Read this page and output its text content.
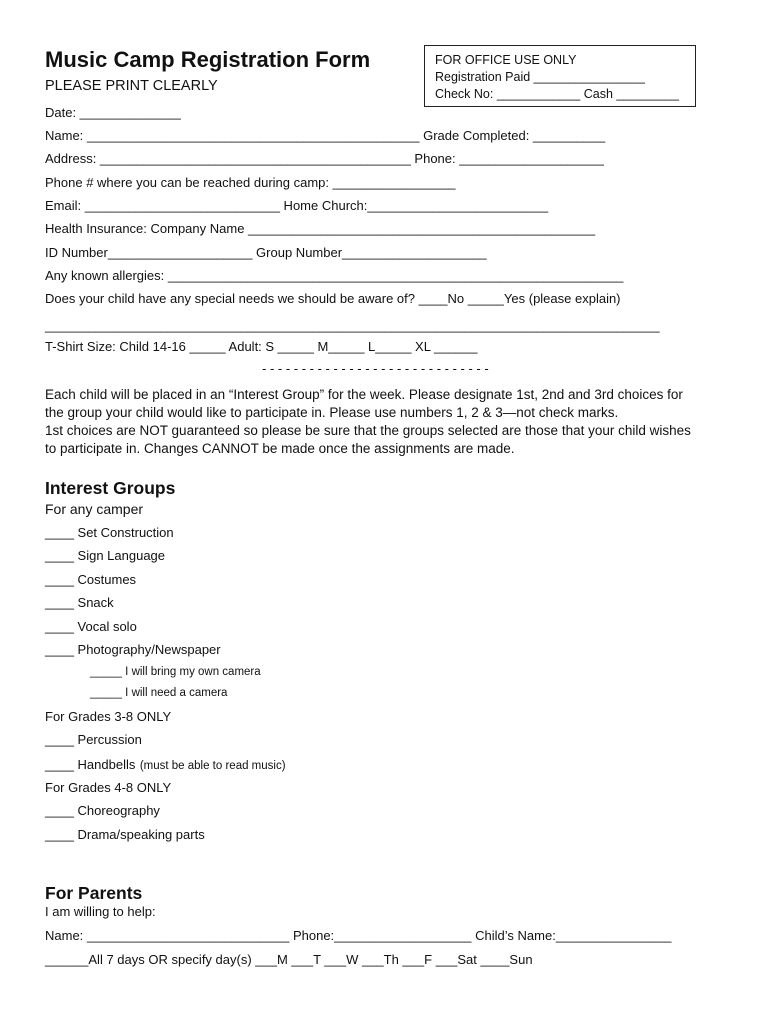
Music Camp Registration Form
PLEASE PRINT CLEARLY
FOR OFFICE USE ONLY
Registration Paid ________________
Check No: ____________ Cash _________
Date: ______________
Name: ______________________________________________ Grade Completed: __________
Address: ___________________________________________ Phone: ____________________
Phone # where you can be reached during camp: _________________
Email: ___________________________ Home Church:_________________________
Health Insurance: Company Name ________________________________________________
ID Number____________________ Group Number____________________
Any known allergies: _______________________________________________________________
Does your child have any special needs we should be aware of? ____No _____Yes (please explain)
_____________________________________________________________________________________
T-Shirt Size: Child 14-16 _____ Adult: S _____ M_____ L_____ XL ______
- - - - - - - - - - - - - - - - - - - - - - - - - - - - -

Each child will be placed in an “Interest Group” for the week. Please designate 1st, 2nd and 3rd choices for the group your child would like to participate in. Please use numbers 1, 2 & 3—not check marks.

1st choices are NOT guaranteed so please be sure that the groups selected are those that your child wishes to participate in. Changes CANNOT be made once the assignments are made.

Interest Groups
For any camper
____ Set Construction
____ Sign Language
____ Costumes
____ Snack
____ Vocal solo
____ Photography/Newspaper
_____ I will bring my own camera
_____ I will need a camera
For Grades 3-8 ONLY
____ Percussion
____ Handbells (must be able to read music)
For Grades 4-8 ONLY
____ Choreography
____ Drama/speaking parts
For Parents
I am willing to help:
Name: ____________________________ Phone:___________________ Child’s Name:________________
______All 7 days OR specify day(s) ___M ___T ___W ___Th ___F ___Sat ____Sun
